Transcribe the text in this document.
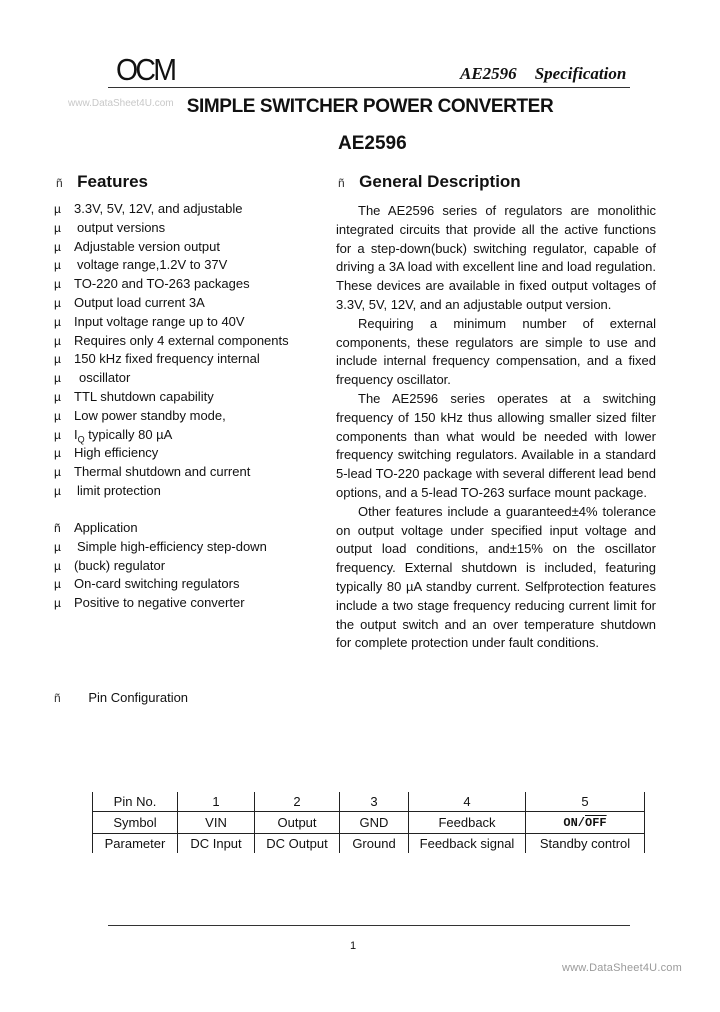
OCM	AE2596 Specification
www.DataSheet4U.com SIMPLE SWITCHER POWER CONVERTER
AE2596
ñ Features
µ 3.3V, 5V, 12V, and adjustable
µ output versions
µ Adjustable version output
µ voltage range,1.2V to 37V
µ TO-220 and TO-263 packages
µ Output load current 3A
µ Input voltage range up to 40V
µ Requires only 4 external components
µ 150 kHz fixed frequency internal
µ oscillator
µ TTL shutdown capability
µ Low power standby mode,
µ $I_Q$ typically 80 µA
µ High efficiency
µ Thermal shutdown and current
µ limit protection
ñ Application
µ Simple high-efficiency step-down
µ (buck) regulator
µ On-card switching regulators
µ Positive to negative converter
ñ General Description

The AE2596 series of regulators are monolithic integrated circuits that provide all the active functions for a step-down(buck) switching regulator, capable of driving a 3A load with excellent line and load regulation. These devices are available in fixed output voltages of 3.3V, 5V, 12V, and an adjustable output version.

Requiring a minimum number of external components, these regulators are simple to use and include internal frequency compensation, and a fixed frequency oscillator.

The AE2596 series operates at a switching frequency of 150 kHz thus allowing smaller sized filter components than what would be needed with lower frequency switching regulators. Available in a standard 5-lead TO-220 package with several different lead bend options, and a 5-lead TO-263 surface mount package.

Other features include a guaranteed±4% tolerance on output voltage under specified input voltage and output load conditions, and±15% on the oscillator frequency. External shutdown is included, featuring typically 80 µA standby current. Selfprotection features include a two stage frequency reducing current limit for the output switch and an over temperature shutdown for complete protection under fault conditions.

ñ Pin Configuration
Pin No.	1	2	3	4	5
Symbol	VIN	Output	GND	Feedback	$ON/\overline{OFF}$
Parameter	DC Input	DC Output	Ground	Feedback signal	Standby control
1
www.DataSheet4U.com
